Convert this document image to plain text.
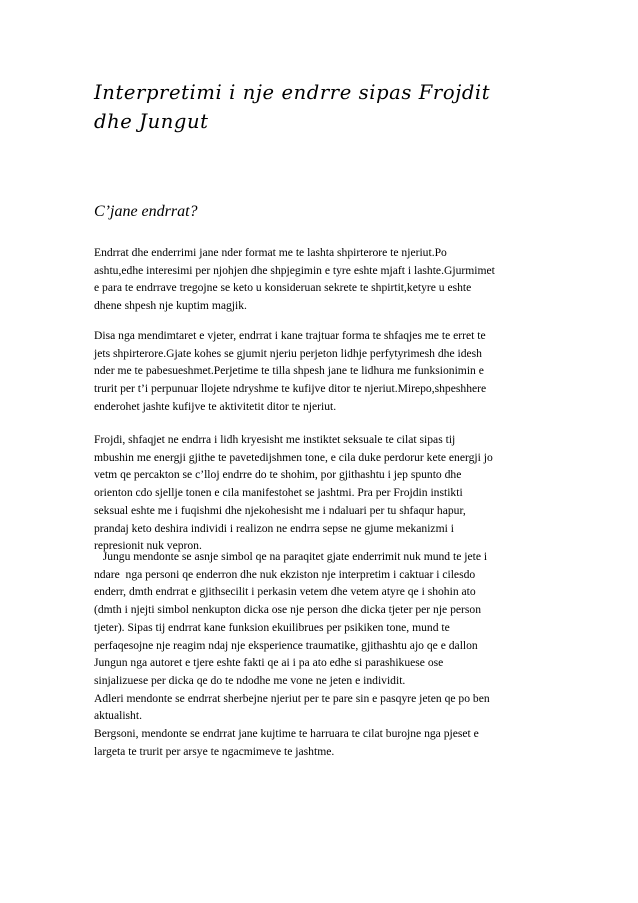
Interpretimi i nje endrre sipas Frojdit
dhe Jungut
C’jane endrrat?

Endrrat dhe enderrimi jane nder format me te lashta shpirterore te njeriut.Po
ashtu,edhe interesimi per njohjen dhe shpjegimin e tyre eshte mjaft i lashte.Gjurmimet
e para te endrrave tregojne se keto u konsideruan sekrete te shpirtit,ketyre u eshte
dhene shpesh nje kuptim magjik.

Disa nga mendimtaret e vjeter, endrrat i kane trajtuar forma te shfaqjes me te erret te
jets shpirterore.Gjate kohes se gjumit njeriu perjeton lidhje perfytyrimesh dhe idesh
nder me te pabesueshmet.Perjetime te tilla shpesh jane te lidhura me funksionimin e
trurit per t’i perpunuar llojete ndryshme te kufijve ditor te njeriut.Mirepo,shpeshhere
enderohet jashte kufijve te aktivitetit ditor te njeriut.

Frojdi, shfaqjet ne endrra i lidh kryesisht me instiktet seksuale te cilat sipas tij
mbushin me energji gjithe te pavetedijshmen tone, e cila duke perdorur kete energji jo
vetm qe percakton se c’lloj endrre do te shohim, por gjithashtu i jep spunto dhe
orienton cdo sjellje tonen e cila manifestohet se jashtmi. Pra per Frojdin instikti
seksual eshte me i fuqishmi dhe njekohesisht me i ndaluari per tu shfaqur hapur,
prandaj keto deshira individi i realizon ne endrra sepse ne gjume mekanizmi i
represionit nuk vepron.

Jungu mendonte se asnje simbol qe na paraqitet gjate enderrimit nuk mund te jete i
ndare  nga personi qe enderron dhe nuk ekziston nje interpretim i caktuar i cilesdo
enderr, dmth endrrat e gjithsecilit i perkasin vetem dhe vetem atyre qe i shohin ato
(dmth i njejti simbol nenkupton dicka ose nje person dhe dicka tjeter per nje person
tjeter). Sipas tij endrrat kane funksion ekuilibrues per psikiken tone, mund te
perfaqesojne nje reagim ndaj nje eksperience traumatike, gjithashtu ajo qe e dallon
Jungun nga autoret e tjere eshte fakti qe ai i pa ato edhe si parashikuese ose
sinjalizuese per dicka qe do te ndodhe me vone ne jeten e individit.
Adleri mendonte se endrrat sherbejne njeriut per te pare sin e pasqyre jeten qe po ben
aktualisht.
Bergsoni, mendonte se endrrat jane kujtime te harruara te cilat burojne nga pjeset e
largeta te trurit per arsye te ngacmimeve te jashtme.
